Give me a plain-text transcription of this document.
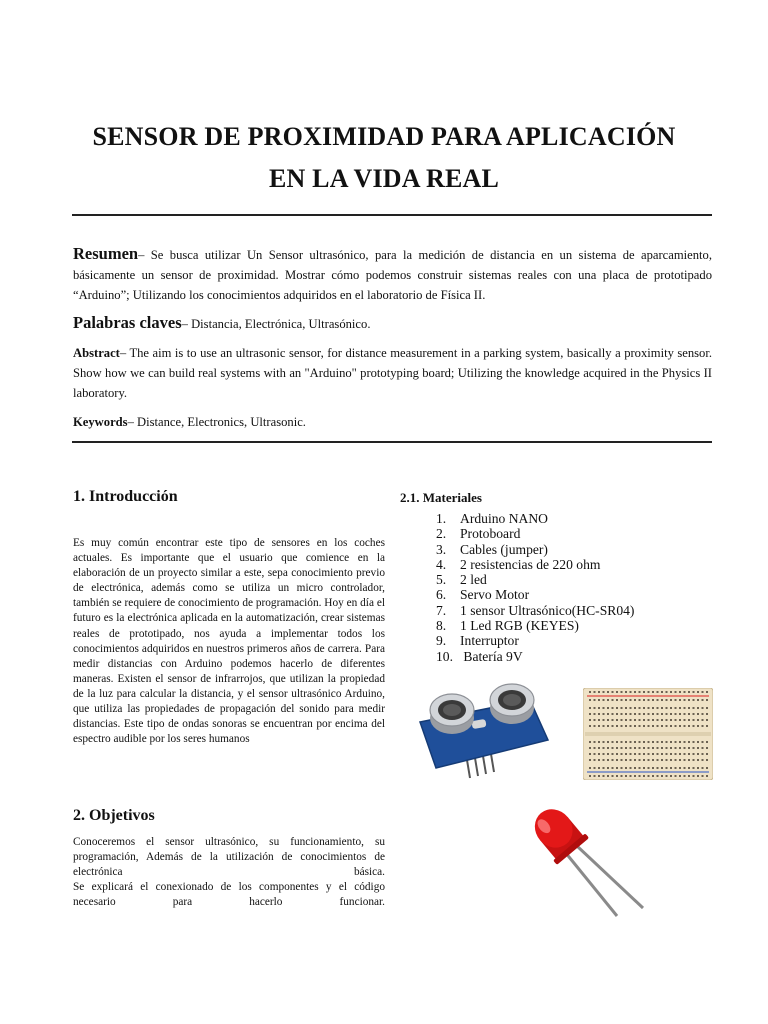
SENSOR DE PROXIMIDAD PARA APLICACIÓN
EN LA VIDA REAL
Resumen– Se busca utilizar Un Sensor ultrasónico, para la medición de distancia en un sistema de aparcamiento, básicamente un sensor de proximidad. Mostrar cómo podemos construir sistemas reales con una placa de prototipado “Arduino”; Utilizando los conocimientos adquiridos en el laboratorio de Física II.
Palabras claves– Distancia, Electrónica, Ultrasónico.
Abstract– The aim is to use an ultrasonic sensor, for distance measurement in a parking system, basically a proximity sensor. Show how we can build real systems with an "Arduino" prototyping board; Utilizing the knowledge acquired in the Physics II laboratory.
Keywords– Distance, Electronics, Ultrasonic.
1. Introducción

Es muy común encontrar este tipo de sensores en los coches actuales. Es importante que el usuario que comience en la elaboración de un proyecto similar a este, sepa conocimiento previo de electrónica, además como se utiliza un micro controlador, también se requiere de conocimiento de programación. Hoy en día el futuro es la electrónica aplicada en la automatización, crear sistemas reales de prototipado, nos ayuda a implementar todos los conocimientos adquiridos en nuestros primeros años de carrera. Para medir distancias con Arduino podemos hacerlo de diferentes maneras. Existen el sensor de infrarrojos, que utilizan la propiedad de la luz para calcular la distancia, y el sensor ultrasónico Arduino, que utiliza las propiedades de propagación del sonido para medir distancias. Este tipo de ondas sonoras se encuentran por encima del espectro audible por los seres humanos

2. Objetivos

Conoceremos el sensor ultrasónico, su funcionamiento, su programación, Además de la utilización de conocimientos de electrónica básica.

Se explicará el conexionado de los componentes y el código necesario para hacerlo funcionar.

2.1. Materiales
1. Arduino NANO
2. Protoboard
3. Cables (jumper)
4. 2 resistencias de 220 ohm
5. 2 led
6. Servo Motor
7. 1 sensor Ultrasónico(HC-SR04)
8. 1 Led RGB (KEYES)
9. Interruptor
10. Batería 9V
